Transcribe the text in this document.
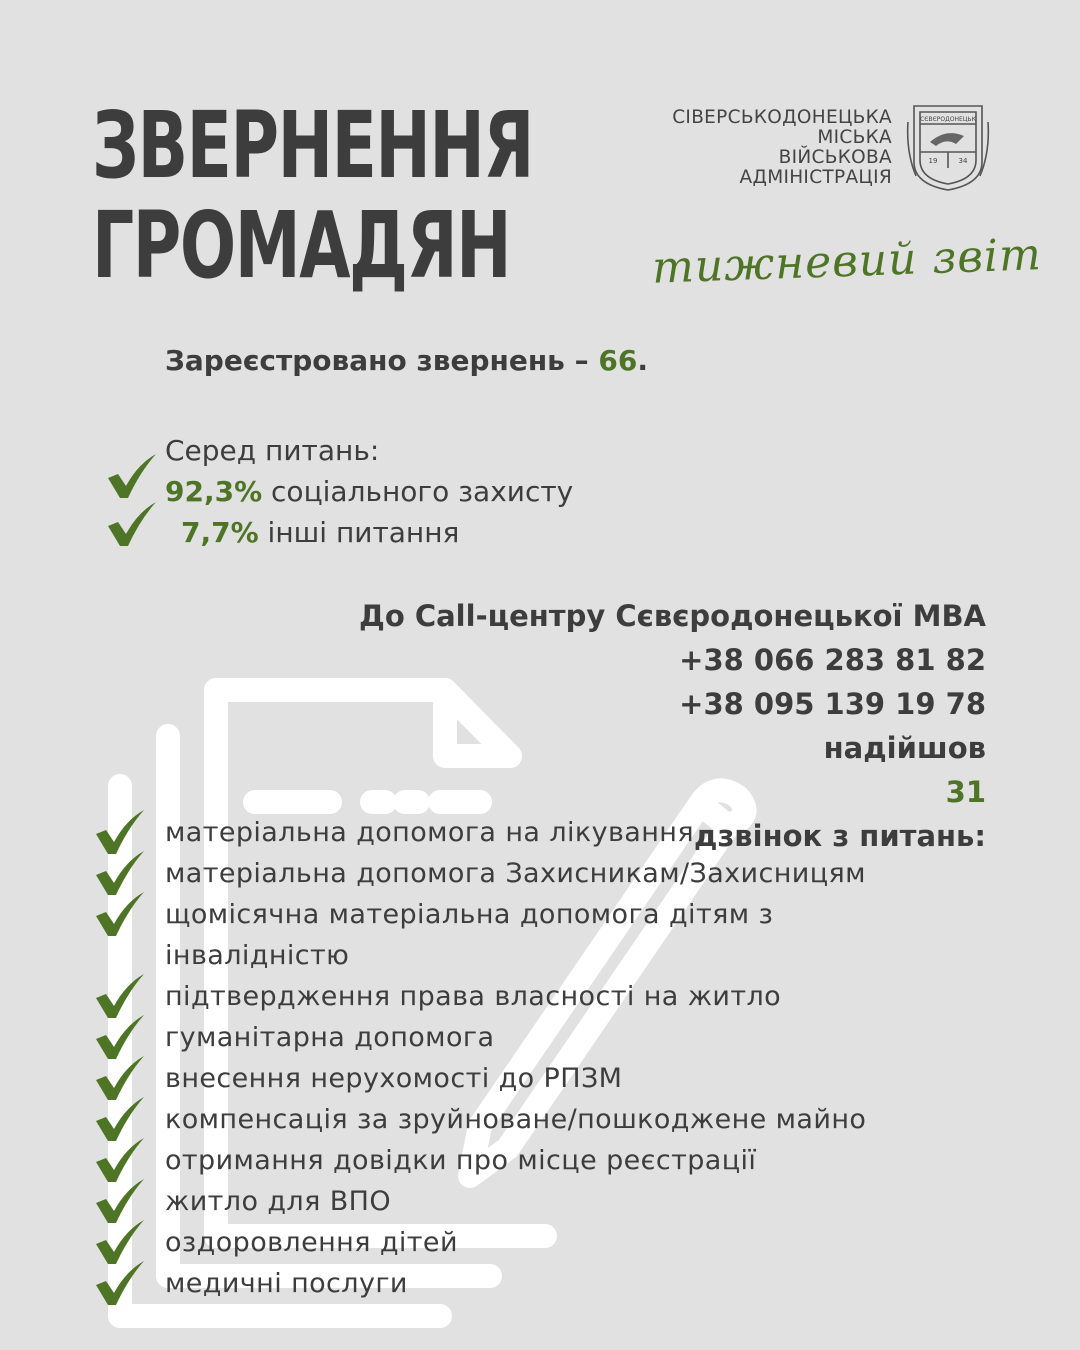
ЗВЕРНЕННЯ
ГРОМАДЯН
СІВЕРСЬКОДОНЕЦЬКА
МІСЬКА
ВІЙСЬКОВА
АДМІНІСТРАЦІЯ
СЄВЄРОДОНЕЦЬК
19	34
тижневий звіт
Зареєстровано звернень – 66.
Серед питань:
92,3% соціального захисту
7,7% інші питання
До Call-центру Сєвєродонецької МВА
+38 066 283 81 82
+38 095 139 19 78
надійшов
31
дзвінок з питань:
матеріальна допомога на лікування
матеріальна допомога Захисникам/Захисницям
щомісячна матеріальна допомога дітям з
інвалідністю
підтвердження права власності на житло
гуманітарна допомога
внесення нерухомості до РПЗМ
компенсація за зруйноване/пошкоджене майно
отримання довідки про місце реєстрації
житло для ВПО
оздоровлення дітей
медичні послуги
